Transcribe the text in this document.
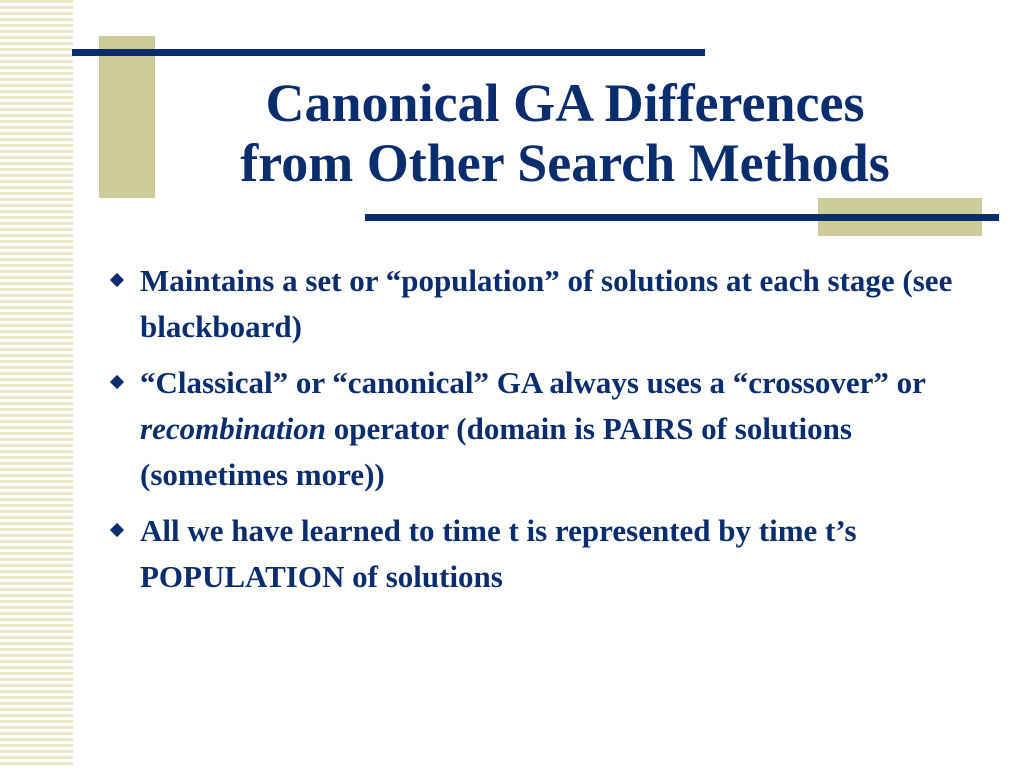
Canonical GA Differences
from Other Search Methods
Maintains a set or “population” of solutions at each stage (see blackboard)
“Classical” or “canonical” GA always uses a “crossover” or recombination operator (domain is PAIRS of solutions (sometimes more))
All we have learned to time t is represented by time t’s POPULATION of solutions
